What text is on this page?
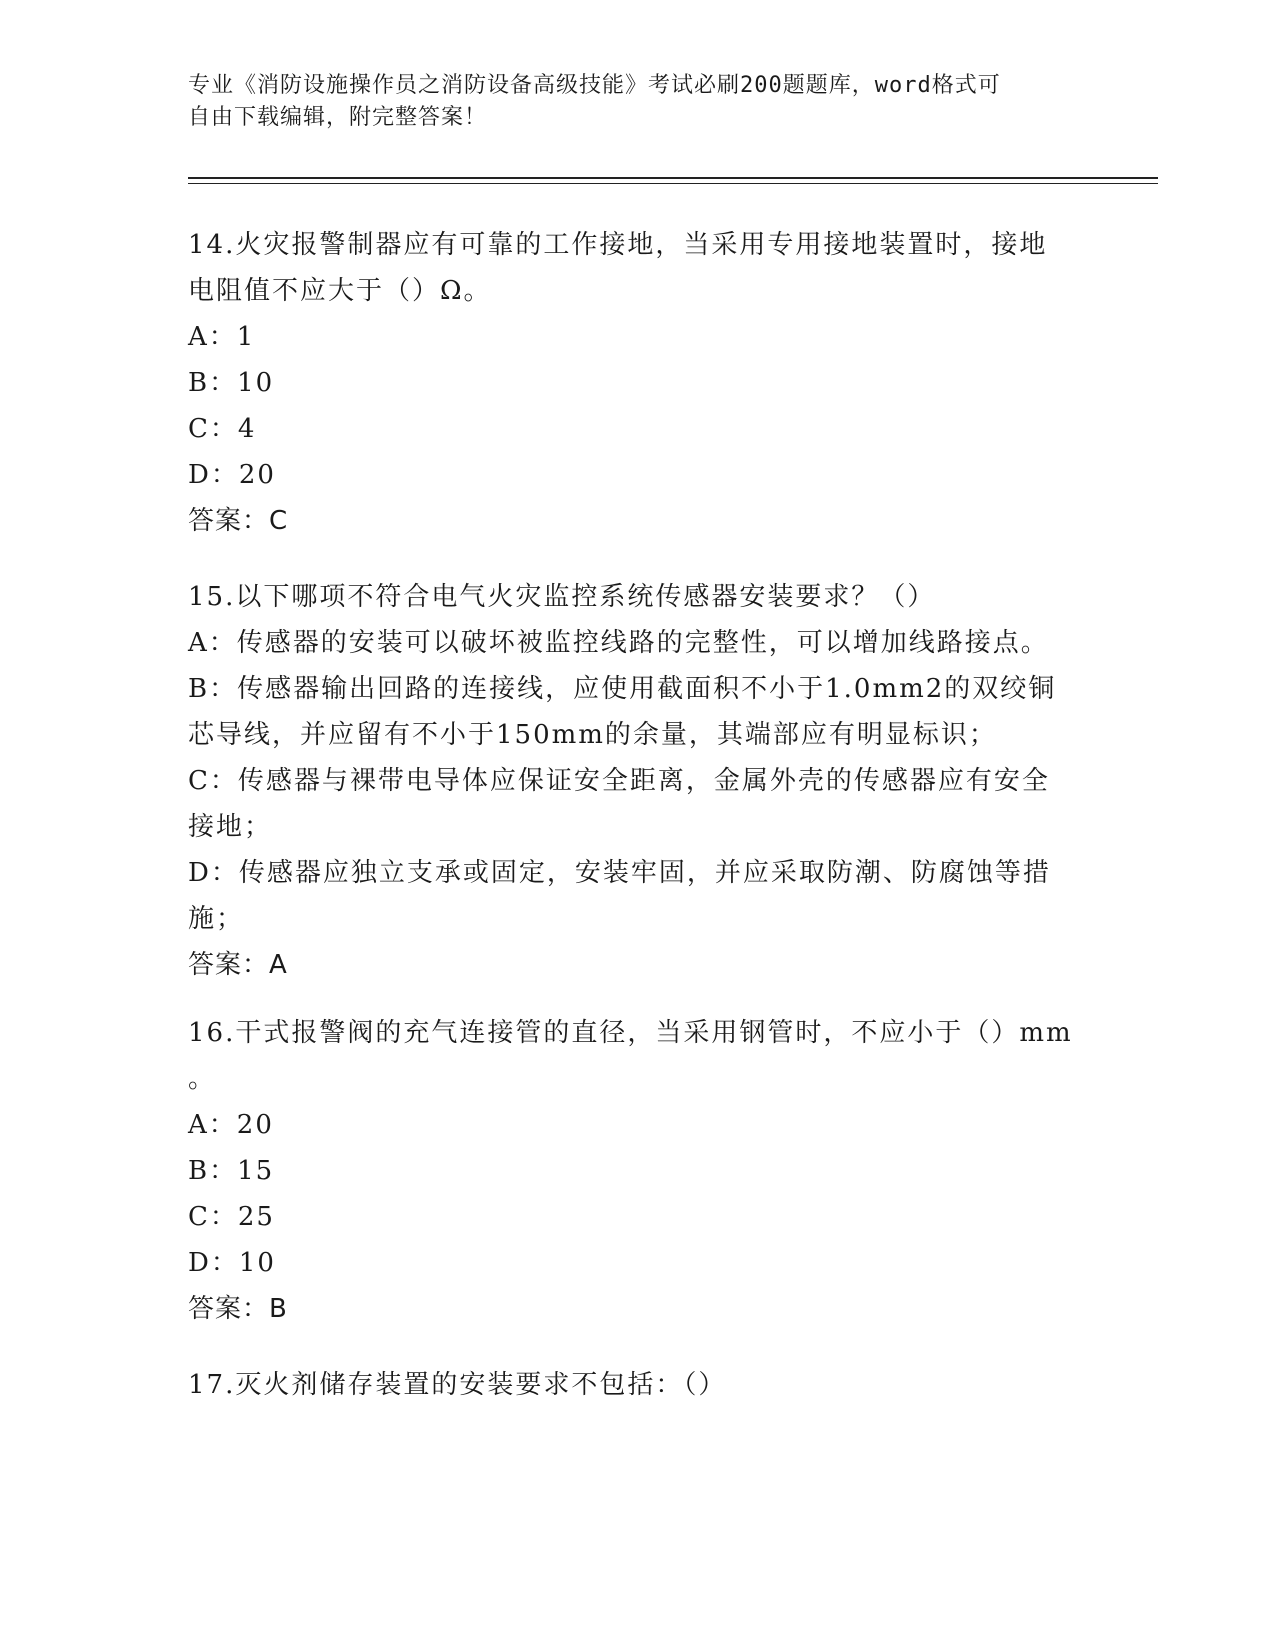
专业《消防设施操作员之消防设备高级技能》考试必刷200题题库，word格式可
自由下载编辑，附完整答案！
14.火灾报警制器应有可靠的工作接地，当采用专用接地装置时，接地
电阻值不应大于（）Ω。
A：1
B：10
C：4
D：20
答案：C
15.以下哪项不符合电气火灾监控系统传感器安装要求？（）
A：传感器的安装可以破坏被监控线路的完整性，可以增加线路接点。
B：传感器输出回路的连接线，应使用截面积不小于1.0mm2的双绞铜
芯导线，并应留有不小于150mm的余量，其端部应有明显标识；
C：传感器与裸带电导体应保证安全距离，金属外壳的传感器应有安全
接地；
D：传感器应独立支承或固定，安装牢固，并应采取防潮、防腐蚀等措
施；
答案：A
16.干式报警阀的充气连接管的直径，当采用钢管时，不应小于（）mm
。
A：20
B：15
C：25
D：10
答案：B
17.灭火剂储存装置的安装要求不包括：（）
